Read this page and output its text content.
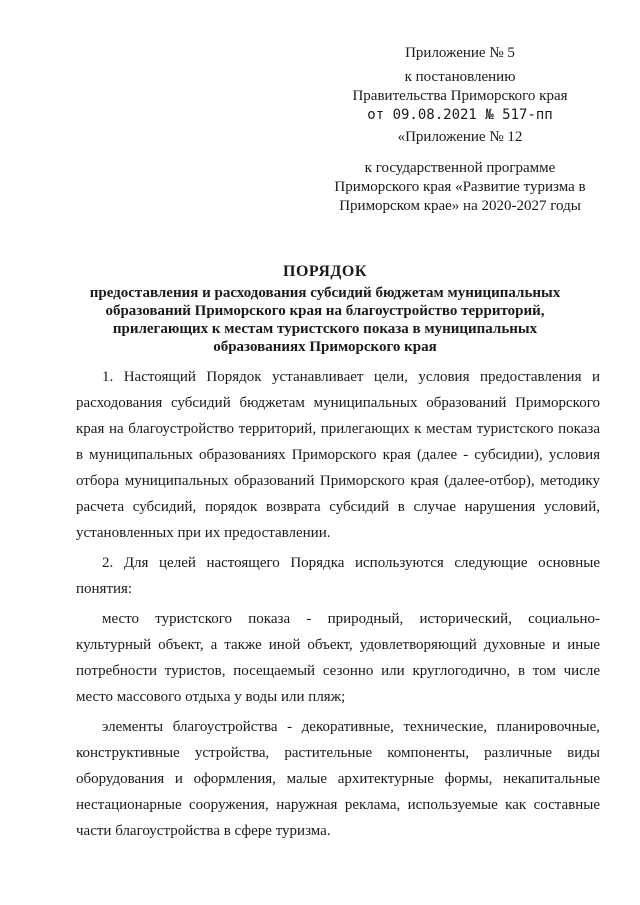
Приложение № 5
к постановлению
Правительства Приморского края
от 09.08.2021 № 517-пп
«Приложение № 12
к государственной программе Приморского края «Развитие туризма в Приморском крае» на 2020-2027 годы
ПОРЯДОК
предоставления и расходования субсидий бюджетам муниципальных образований Приморского края на благоустройство территорий, прилегающих к местам туристского показа в муниципальных образованиях Приморского края

1. Настоящий Порядок устанавливает цели, условия предоставления и расходования субсидий бюджетам муниципальных образований Приморского края на благоустройство территорий, прилегающих к местам туристского показа в муниципальных образованиях Приморского края (далее - субсидии), условия отбора муниципальных образований Приморского края (далее-отбор), методику расчета субсидий, порядок возврата субсидий в случае нарушения условий, установленных при их предоставлении.

2. Для целей настоящего Порядка используются следующие основные понятия:

место туристского показа - природный, исторический, социально-культурный объект, а также иной объект, удовлетворяющий духовные и иные потребности туристов, посещаемый сезонно или круглогодично, в том числе место массового отдыха у воды или пляж;

элементы благоустройства - декоративные, технические, планировочные, конструктивные устройства, растительные компоненты, различные виды оборудования и оформления, малые архитектурные формы, некапитальные нестационарные сооружения, наружная реклама, используемые как составные части благоустройства в сфере туризма.
